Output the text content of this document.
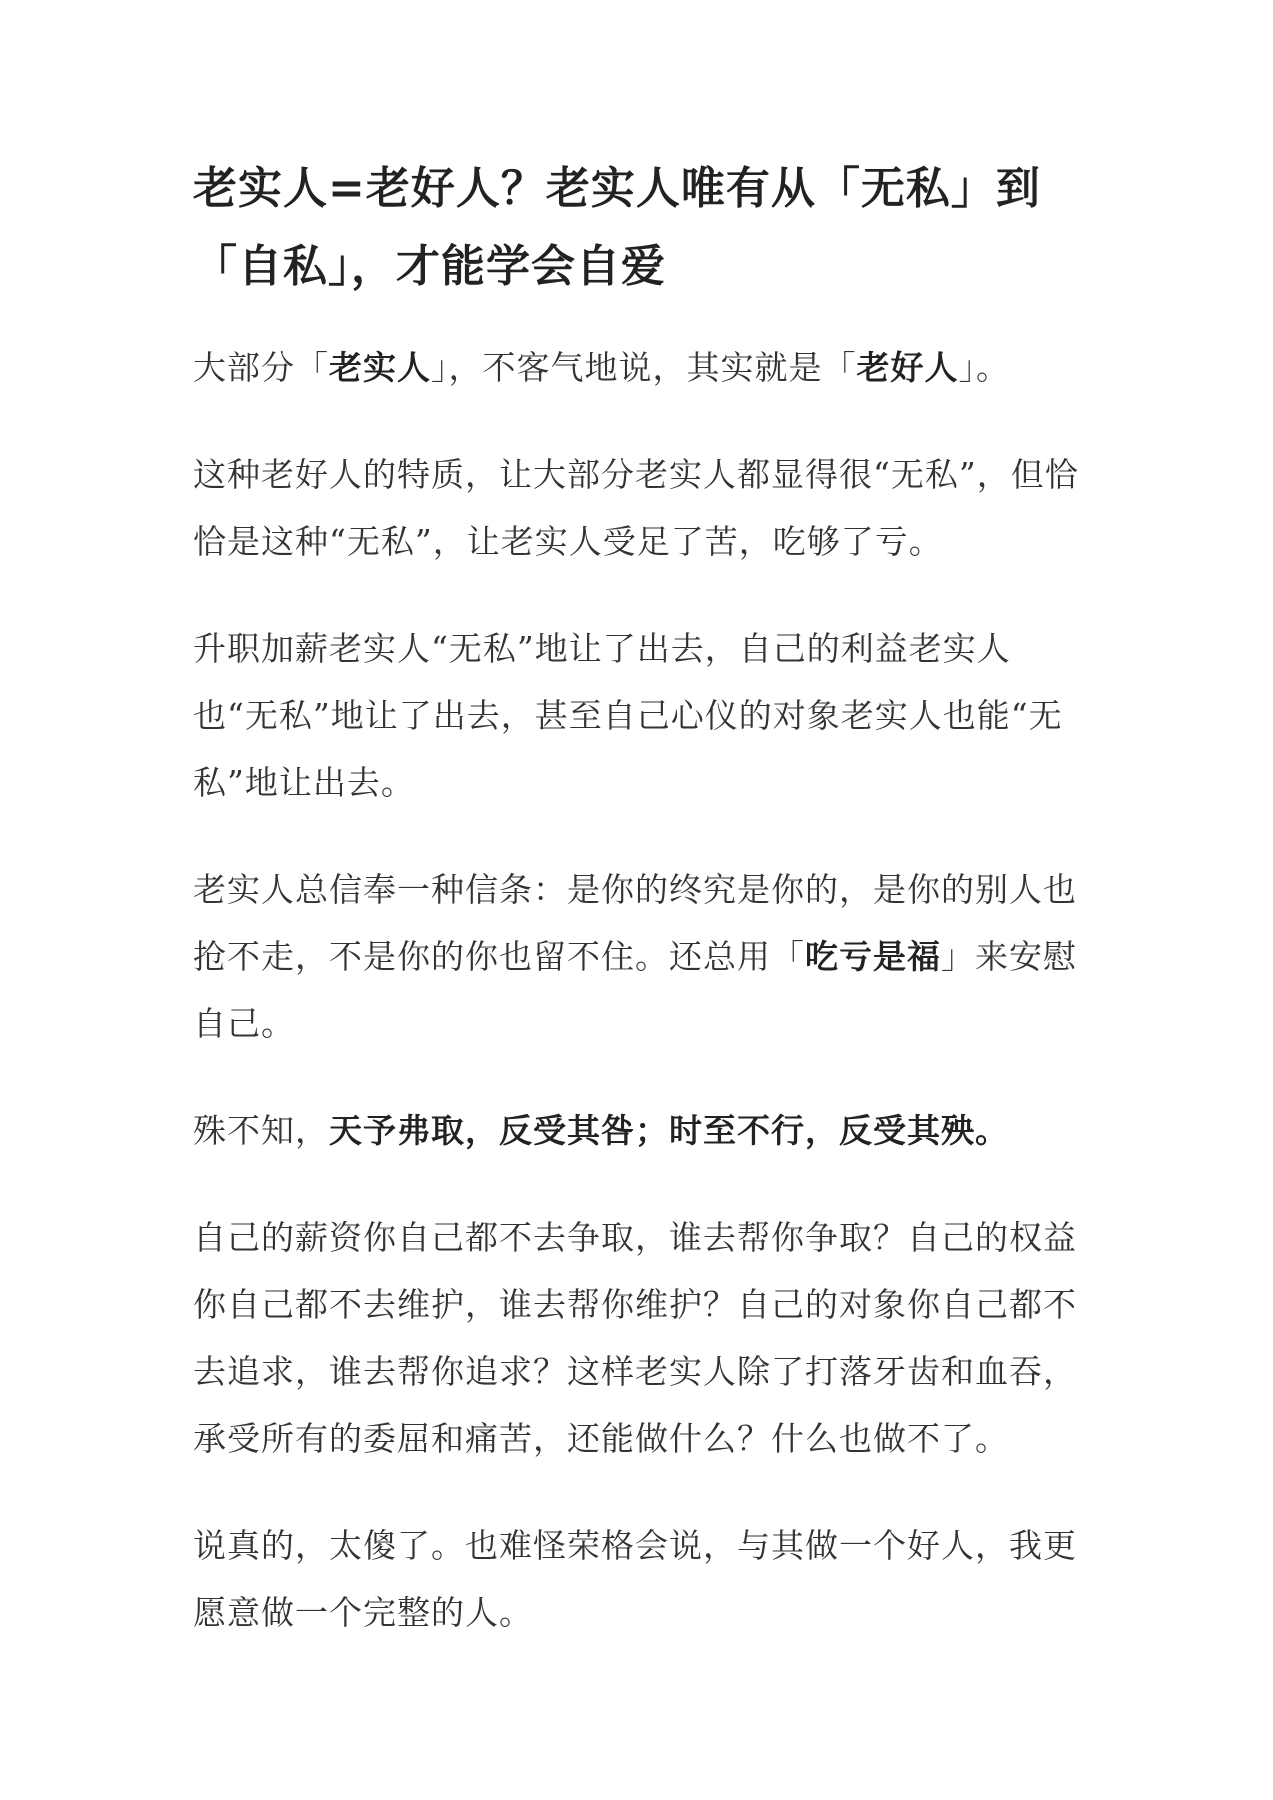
老实人=老好人？老实人唯有从「无私」到「自私」，才能学会自爱

大部分「老实人」，不客气地说，其实就是「老好人」。

这种老好人的特质，让大部分老实人都显得很“无私”，但恰恰是这种“无私”，让老实人受足了苦，吃够了亏。

升职加薪老实人“无私”地让了出去，自己的利益老实人也“无私”地让了出去，甚至自己心仪的对象老实人也能“无私”地让出去。

老实人总信奉一种信条：是你的终究是你的，是你的别人也抢不走，不是你的你也留不住。还总用「吃亏是福」来安慰自己。

殊不知，天予弗取，反受其咎；时至不行，反受其殃。

自己的薪资你自己都不去争取，谁去帮你争取？自己的权益你自己都不去维护，谁去帮你维护？自己的对象你自己都不去追求，谁去帮你追求？这样老实人除了打落牙齿和血吞，承受所有的委屈和痛苦，还能做什么？什么也做不了。

说真的，太傻了。也难怪荣格会说，与其做一个好人，我更愿意做一个完整的人。
